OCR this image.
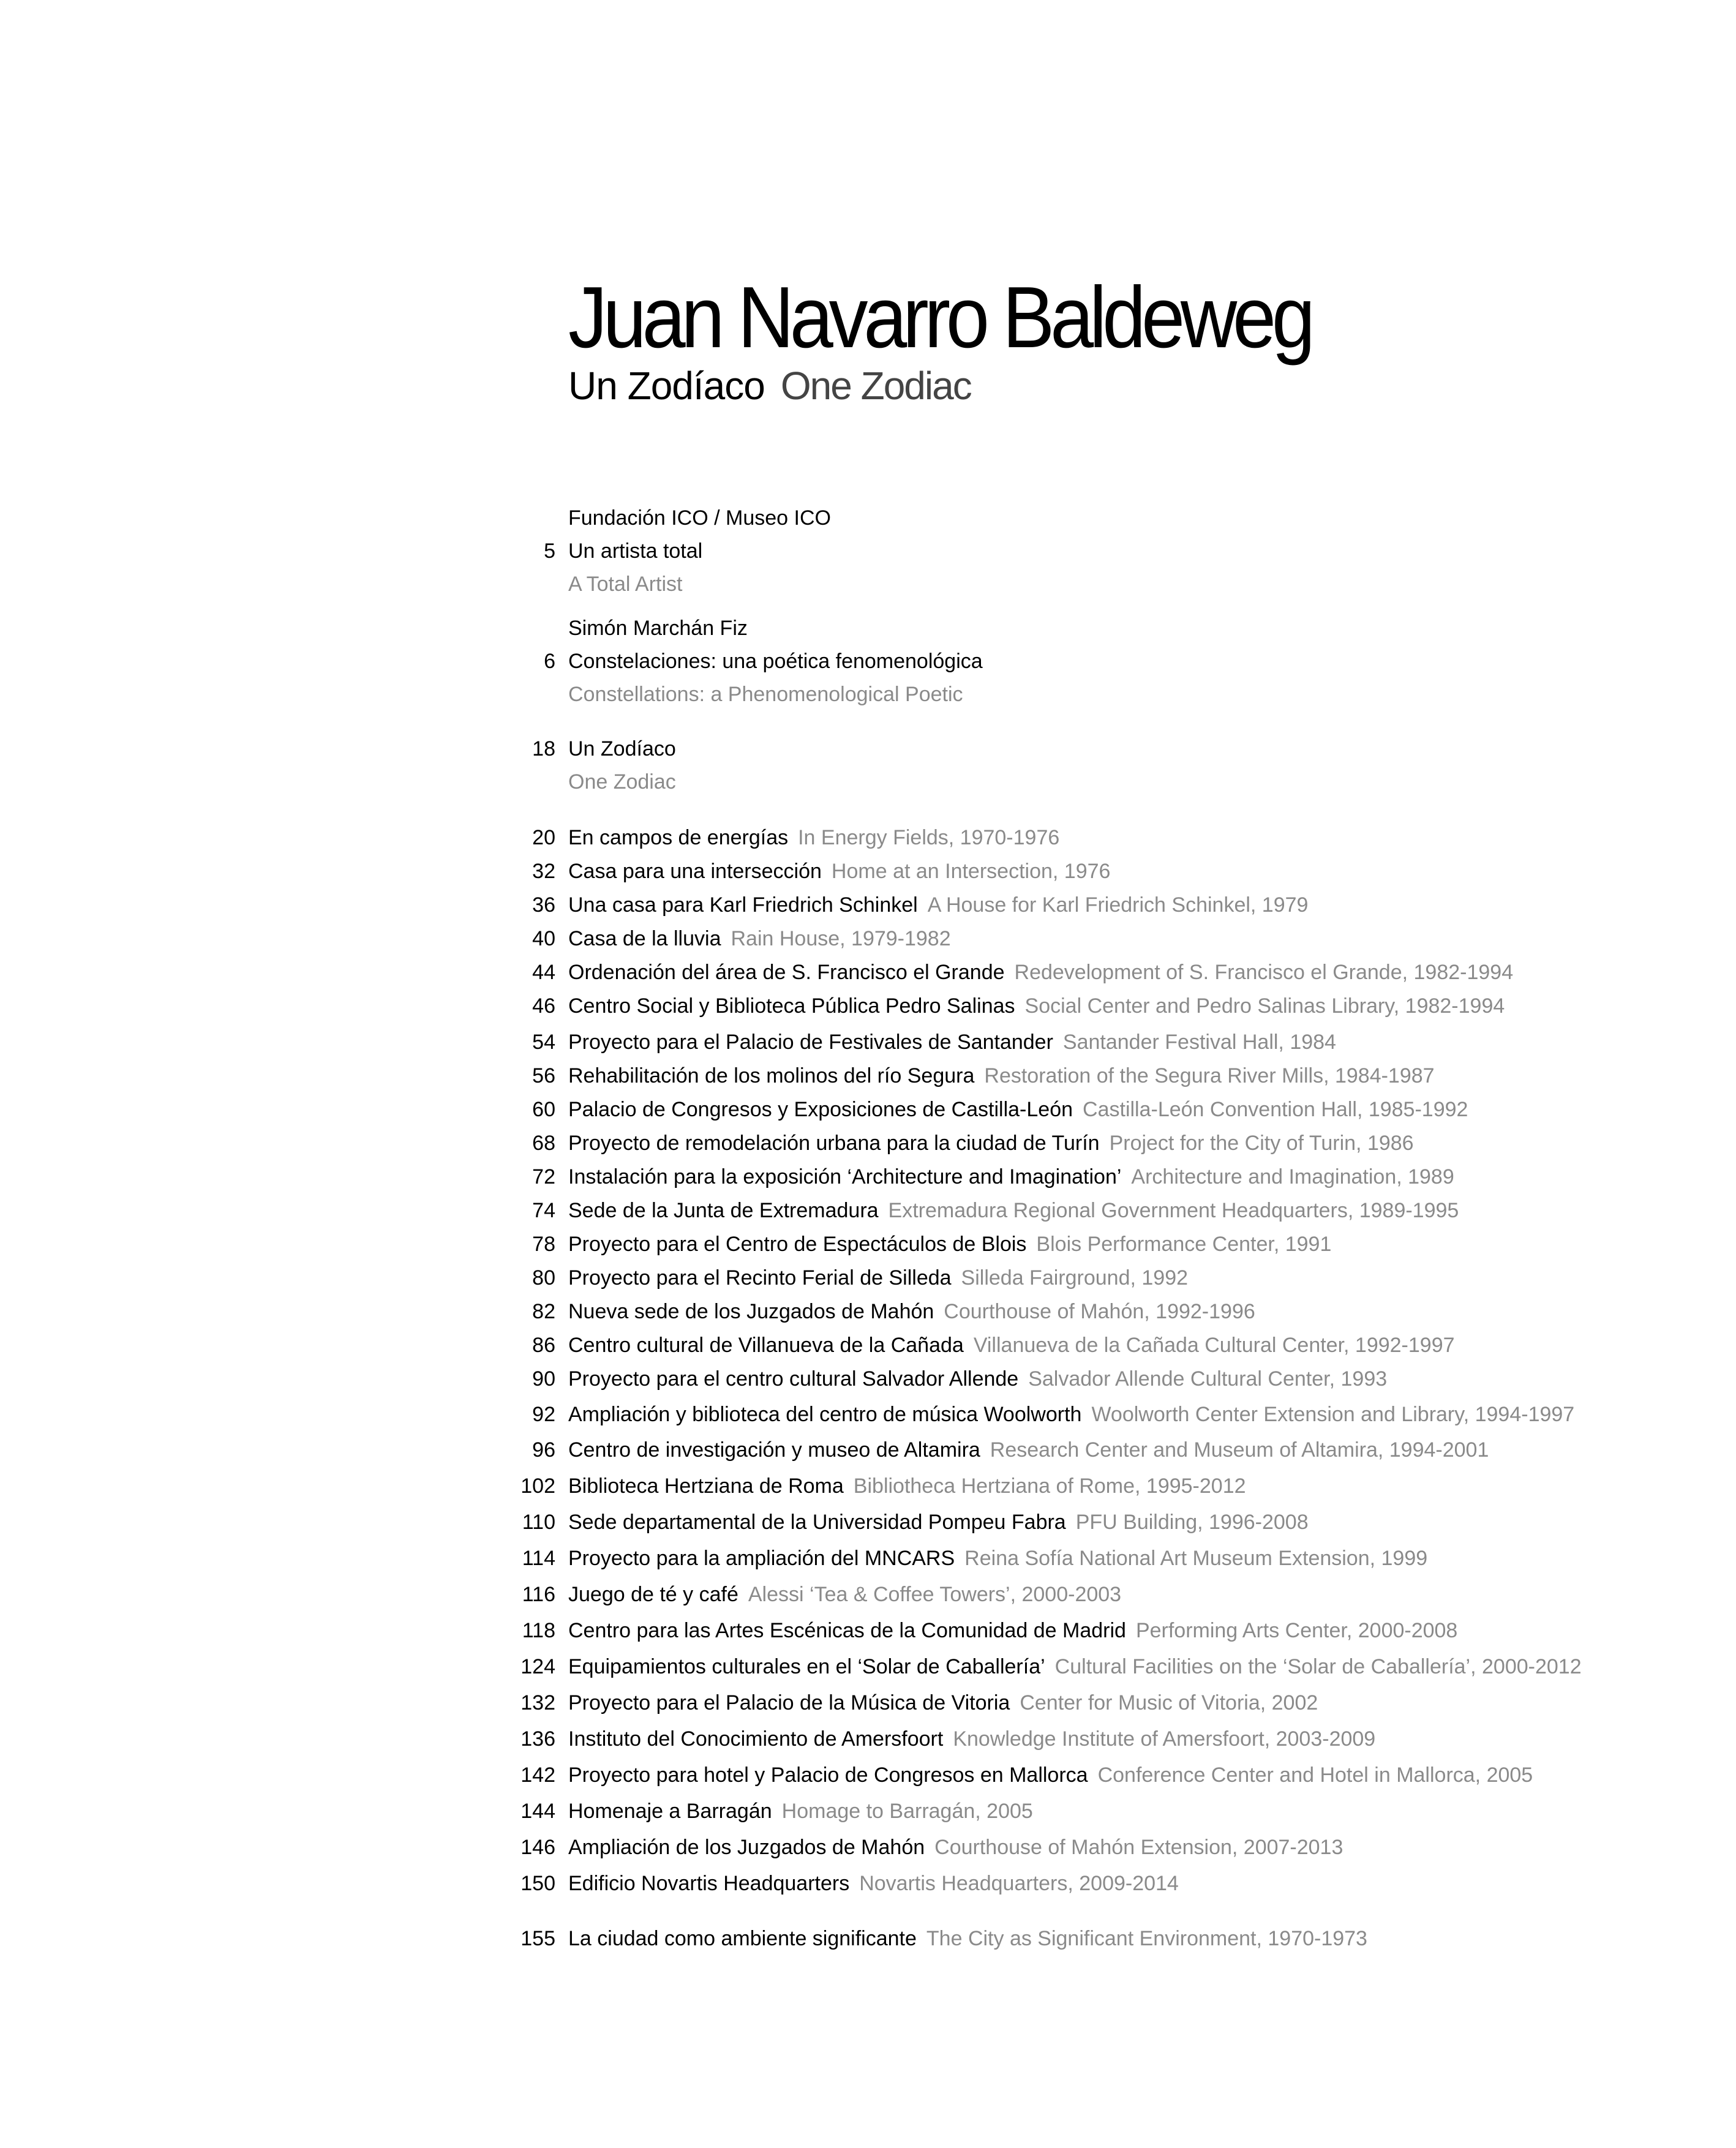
Juan Navarro Baldeweg
Un Zodíaco One Zodiac
Fundación ICO / Museo ICO
5 Un artista total
A Total Artist
Simón Marchán Fiz
6 Constelaciones: una poética fenomenológica
Constellations: a Phenomenological Poetic
18 Un Zodíaco
One Zodiac
20 En campos de energías In Energy Fields, 1970-1976
32 Casa para una intersección Home at an Intersection, 1976
36 Una casa para Karl Friedrich Schinkel A House for Karl Friedrich Schinkel, 1979
40 Casa de la lluvia Rain House, 1979-1982
44 Ordenación del área de S. Francisco el Grande Redevelopment of S. Francisco el Grande, 1982-1994
46 Centro Social y Biblioteca Pública Pedro Salinas Social Center and Pedro Salinas Library, 1982-1994
54 Proyecto para el Palacio de Festivales de Santander Santander Festival Hall, 1984
56 Rehabilitación de los molinos del río Segura Restoration of the Segura River Mills, 1984-1987
60 Palacio de Congresos y Exposiciones de Castilla-León Castilla-León Convention Hall, 1985-1992
68 Proyecto de remodelación urbana para la ciudad de Turín Project for the City of Turin, 1986
72 Instalación para la exposición ‘Architecture and Imagination’ Architecture and Imagination, 1989
74 Sede de la Junta de Extremadura Extremadura Regional Government Headquarters, 1989-1995
78 Proyecto para el Centro de Espectáculos de Blois Blois Performance Center, 1991
80 Proyecto para el Recinto Ferial de Silleda Silleda Fairground, 1992
82 Nueva sede de los Juzgados de Mahón Courthouse of Mahón, 1992-1996
86 Centro cultural de Villanueva de la Cañada Villanueva de la Cañada Cultural Center, 1992-1997
90 Proyecto para el centro cultural Salvador Allende Salvador Allende Cultural Center, 1993
92 Ampliación y biblioteca del centro de música Woolworth Woolworth Center Extension and Library, 1994-1997
96 Centro de investigación y museo de Altamira Research Center and Museum of Altamira, 1994-2001
102 Biblioteca Hertziana de Roma Bibliotheca Hertziana of Rome, 1995-2012
110 Sede departamental de la Universidad Pompeu Fabra PFU Building, 1996-2008
114 Proyecto para la ampliación del MNCARS Reina Sofía National Art Museum Extension, 1999
116 Juego de té y café Alessi ‘Tea & Coffee Towers’, 2000-2003
118 Centro para las Artes Escénicas de la Comunidad de Madrid Performing Arts Center, 2000-2008
124 Equipamientos culturales en el ‘Solar de Caballería’ Cultural Facilities on the ‘Solar de Caballería’, 2000-2012
132 Proyecto para el Palacio de la Música de Vitoria Center for Music of Vitoria, 2002
136 Instituto del Conocimiento de Amersfoort Knowledge Institute of Amersfoort, 2003-2009
142 Proyecto para hotel y Palacio de Congresos en Mallorca Conference Center and Hotel in Mallorca, 2005
144 Homenaje a Barragán Homage to Barragán, 2005
146 Ampliación de los Juzgados de Mahón Courthouse of Mahón Extension, 2007-2013
150 Edificio Novartis Headquarters Novartis Headquarters, 2009-2014
155 La ciudad como ambiente significante The City as Significant Environment, 1970-1973
